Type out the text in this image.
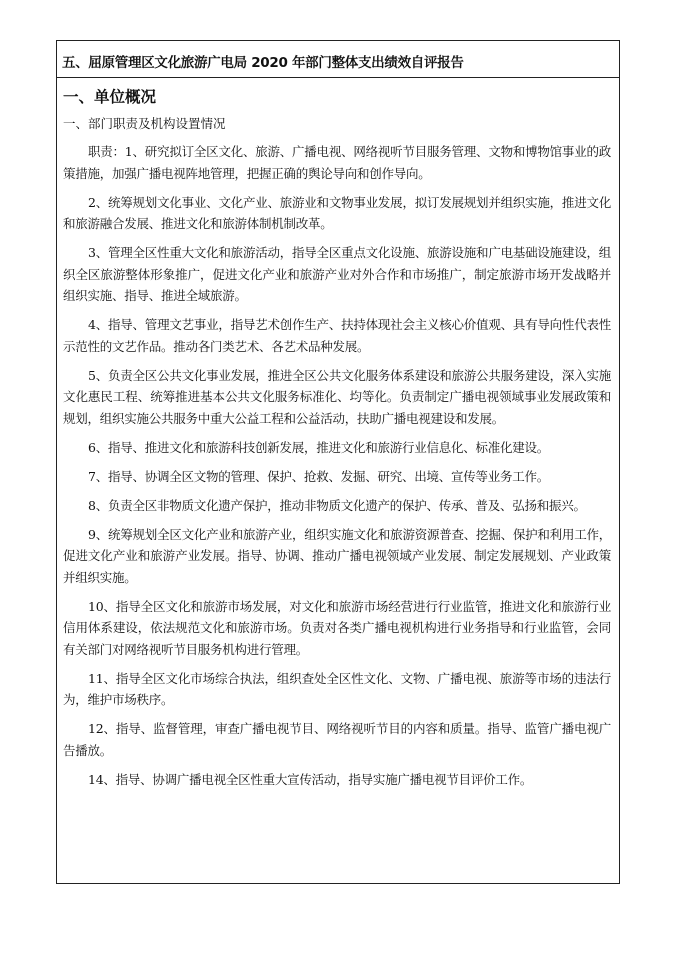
五、屈原管理区文化旅游广电局 2020 年部门整体支出绩效自评报告
一、单位概况
一、部门职责及机构设置情况

职责：1、研究拟订全区文化、旅游、广播电视、网络视听节目服务管理、文物和博物馆事业的政策措施，加强广播电视阵地管理，把握正确的舆论导向和创作导向。

2、统筹规划文化事业、文化产业、旅游业和文物事业发展，拟订发展规划并组织实施，推进文化和旅游融合发展、推进文化和旅游体制机制改革。

3、管理全区性重大文化和旅游活动，指导全区重点文化设施、旅游设施和广电基础设施建设，组织全区旅游整体形象推广，促进文化产业和旅游产业对外合作和市场推广，制定旅游市场开发战略并组织实施、指导、推进全域旅游。

4、指导、管理文艺事业，指导艺术创作生产、扶持体现社会主义核心价值观、具有导向性代表性示范性的文艺作品。推动各门类艺术、各艺术品种发展。

5、负责全区公共文化事业发展，推进全区公共文化服务体系建设和旅游公共服务建设，深入实施文化惠民工程、统筹推进基本公共文化服务标准化、均等化。负责制定广播电视领域事业发展政策和规划，组织实施公共服务中重大公益工程和公益活动，扶助广播电视建设和发展。

6、指导、推进文化和旅游科技创新发展，推进文化和旅游行业信息化、标准化建设。

7、指导、协调全区文物的管理、保护、抢救、发掘、研究、出境、宣传等业务工作。

8、负责全区非物质文化遗产保护，推动非物质文化遗产的保护、传承、普及、弘扬和振兴。

9、统筹规划全区文化产业和旅游产业，组织实施文化和旅游资源普查、挖掘、保护和利用工作，促进文化产业和旅游产业发展。指导、协调、推动广播电视领域产业发展、制定发展规划、产业政策并组织实施。

10、指导全区文化和旅游市场发展，对文化和旅游市场经营进行行业监管，推进文化和旅游行业信用体系建设，依法规范文化和旅游市场。负责对各类广播电视机构进行业务指导和行业监管，会同有关部门对网络视听节目服务机构进行管理。

11、指导全区文化市场综合执法，组织查处全区性文化、文物、广播电视、旅游等市场的违法行为，维护市场秩序。

12、指导、监督管理，审查广播电视节目、网络视听节目的内容和质量。指导、监管广播电视广告播放。

14、指导、协调广播电视全区性重大宣传活动，指导实施广播电视节目评价工作。
